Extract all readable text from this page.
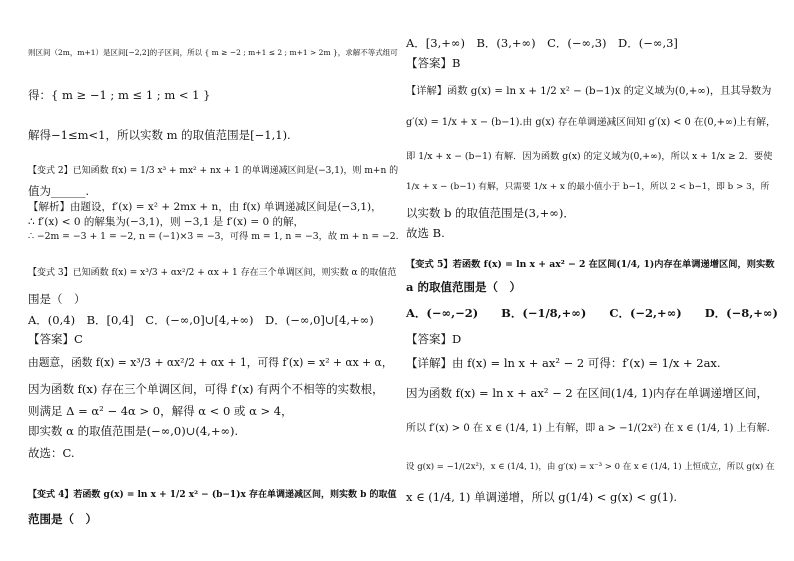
则区间（2m，m+1）是区间[−2,2]的子区间，所以 { m ≥ −2 ; m+1 ≤ 2 ; m+1 > 2m }，求解不等式组可
得：{ m ≥ −1 ; m ≤ 1 ; m < 1 }
解得−1≤m<1，所以实数 m 的取值范围是[−1,1).
【变式 2】已知函数 f(x) = 1/3 x³ + mx² + nx + 1 的单调递减区间是(−3,1)，则 m+n 的
值为______.
【解析】由题设，f′(x) = x² + 2mx + n，由 f(x) 单调递减区间是(−3,1)，
∴ f′(x) < 0 的解集为(−3,1)，则 −3,1 是 f′(x) = 0 的解，
∴ −2m = −3 + 1 = −2, n = (−1)×3 = −3，可得 m = 1, n = −3，故 m + n = −2.
【变式 3】已知函数 f(x) = x³/3 + αx²/2 + αx + 1 存在三个单调区间，则实数 α 的取值范
围是（　）
A．(0,4)　B．[0,4]　C．(−∞,0]∪[4,+∞)　D．(−∞,0]∪[4,+∞)
【答案】C
由题意，函数 f(x) = x³/3 + αx²/2 + αx + 1，可得 f′(x) = x² + αx + α，
因为函数 f(x) 存在三个单调区间，可得 f′(x) 有两个不相等的实数根，
则满足 Δ = α² − 4α > 0，解得 α < 0 或 α > 4，
即实数 α 的取值范围是(−∞,0)∪(4,+∞).
故选：C.
【变式 4】若函数 g(x) = ln x + 1/2 x² − (b−1)x 存在单调递减区间，则实数 b 的取值
范围是（　）
A．[3,+∞)　B．(3,+∞)　C．(−∞,3)　D．(−∞,3]
【答案】B
【详解】函数 g(x) = ln x + 1/2 x² − (b−1)x 的定义域为(0,+∞)，且其导数为
g′(x) = 1/x + x − (b−1).由 g(x) 存在单调递减区间知 g′(x) < 0 在(0,+∞)上有解，
即 1/x + x − (b−1) 有解．因为函数 g(x) 的定义域为(0,+∞)，所以 x + 1/x ≥ 2．要使
1/x + x − (b−1) 有解，只需要 1/x + x 的最小值小于 b−1，所以 2 < b−1，即 b > 3，所
以实数 b 的取值范围是(3,+∞)．
故选 B.
【变式 5】若函数 f(x) = ln x + ax² − 2 在区间(1/4, 1)内存在单调递增区间，则实数
a 的取值范围是（　）
A．(−∞,−2)　　B．(−1/8,+∞)　　C．(−2,+∞)　　D．(−8,+∞)
【答案】D
【详解】由 f(x) = ln x + ax² − 2 可得：f′(x) = 1/x + 2ax.
因为函数 f(x) = ln x + ax² − 2 在区间(1/4, 1)内存在单调递增区间，
所以 f′(x) > 0 在 x ∈ (1/4, 1) 上有解，即 a > −1/(2x²) 在 x ∈ (1/4, 1) 上有解.
设 g(x) = −1/(2x²)，x ∈ (1/4, 1)，由 g′(x) = x⁻³ > 0 在 x ∈ (1/4, 1) 上恒成立，所以 g(x) 在
x ∈ (1/4, 1) 单调递增，所以 g(1/4) < g(x) < g(1).
